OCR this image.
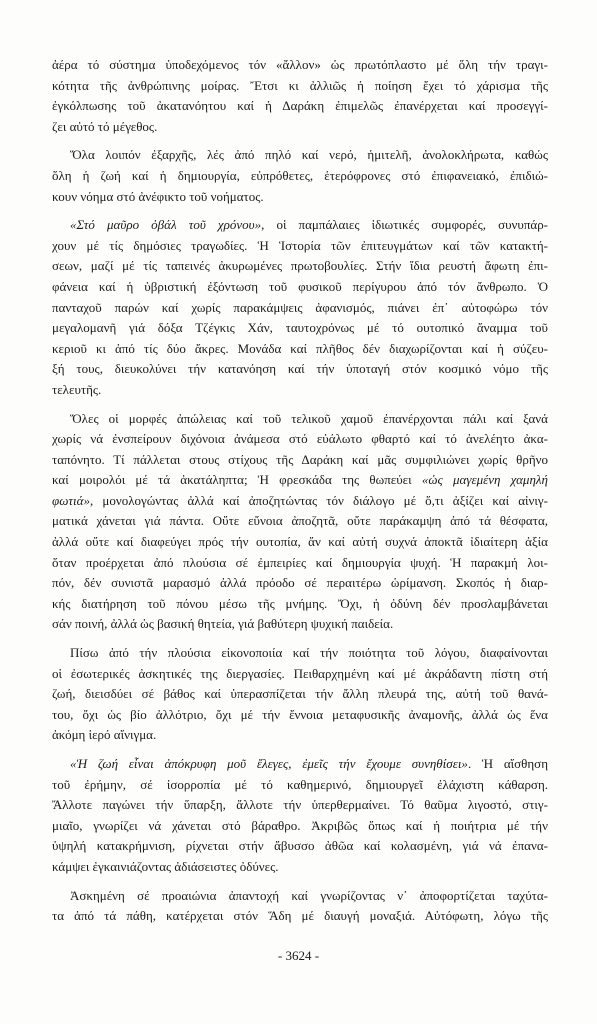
ἀέρα τό σύστημα ὑποδεχόμενος τόν «ἄλλον» ὡς πρωτόπλαστο μέ ὅλη τήν τραγι-
κότητα τῆς ἀνθρώπινης μοίρας. Ἔτσι κι ἀλλιῶς ἡ ποίηση ἔχει τό χάρισμα τῆς
ἐγκόλπωσης τοῦ ἀκατανόητου καί ἡ Δαράκη ἐπιμελῶς ἐπανέρχεται καί προσεγγί-
ζει αὐτό τό μέγεθος.
Ὅλα λοιπόν ἐξαρχῆς, λές ἀπό πηλό καί νερό, ἡμιτελῆ, ἀνολοκλήρωτα, καθώς
ὅλη ἡ ζωή καί ἡ δημιουργία, εὐπρόθετες, ἑτερόφρονες στό ἐπιφανειακό, ἐπιδιώ-
κουν νόημα στό ἀνέφικτο τοῦ νοήματος.
«Στό μαῦρο ὀβάλ τοῦ χρόνου», οἱ παμπάλαιες ἰδιωτικές συμφορές, συνυπάρ-
χουν μέ τίς δημόσιες τραγωδίες. Ἡ Ἱστορία τῶν ἐπιτευγμάτων καί τῶν κατακτή-
σεων, μαζί μέ τίς ταπεινές ἀκυρωμένες πρωτοβουλίες. Στήν ἴδια ρευστή ἄφωτη ἐπι-
φάνεια καί ἡ ὑβριστική ἐξόντωση τοῦ φυσικοῦ περίγυρου ἀπό τόν ἄνθρωπο. Ὁ
πανταχοῦ παρών καί χωρίς παρακάμψεις ἀφανισμός, πιάνει ἐπ᾽ αὐτοφώρω τόν
μεγαλομανῆ γιά δόξα Τζέγκις Χάν, ταυτοχρόνως μέ τό ουτοπικό ἄναμμα τοῦ
κεριοῦ κι ἀπό τίς δύο ἄκρες. Μονάδα καί πλῆθος δέν διαχωρίζονται καί ἡ σύζευ-
ξή τους, διευκολύνει τήν κατανόηση καί τήν ὑποταγή στόν κοσμικό νόμο τῆς
τελευτῆς.
Ὅλες οἱ μορφές ἀπώλειας καί τοῦ τελικοῦ χαμοῦ ἐπανέρχονται πάλι καί ξανά
χωρίς νά ἐνσπείρουν διχόνοια ἀνάμεσα στό εὐάλωτο φθαρτό καί τό ἀνελέητο ἀκα-
ταπόνητο. Τί πάλλεται στους στίχους τῆς Δαράκη καί μᾶς συμφιλιώνει χωρίς θρῆνο
καί μοιρολόι μέ τά ἀκατάληπτα; Ἡ φρεσκάδα της θωπεύει «ὡς μαγεμένη χαμηλή
φωτιά», μονολογώντας ἀλλά καί ἀποζητώντας τόν διάλογο μέ ὅ,τι ἀξίζει καί αἰνιγ-
ματικά χάνεται γιά πάντα. Οὔτε εὔνοια ἀποζητᾶ, οὔτε παράκαμψη ἀπό τά θέσφατα,
ἀλλά οὔτε καί διαφεύγει πρός τήν ουτοπία, ἄν καί αὐτή συχνά ἀποκτᾶ ἰδιαίτερη ἀξία
ὅταν προέρχεται ἀπό πλούσια σέ ἐμπειρίες καί δημιουργία ψυχή. Ἡ παρακμή λοι-
πόν, δέν συνιστᾶ μαρασμό ἀλλά πρόοδο σέ περαιτέρω ὡρίμανση. Σκοπός ἡ διαρ-
κής διατήρηση τοῦ πόνου μέσω τῆς μνήμης. Ὄχι, ἡ ὀδύνη δέν προσλαμβάνεται
σάν ποινή, ἀλλά ὡς βασική θητεία, γιά βαθύτερη ψυχική παιδεία.
Πίσω ἀπό τήν πλούσια εἰκονοποιία καί τήν ποιότητα τοῦ λόγου, διαφαίνονται
οἱ ἐσωτερικές ἀσκητικές της διεργασίες. Πειθαρχημένη καί μέ ἀκράδαντη πίστη στή
ζωή, διεισδύει σέ βάθος καί ὑπερασπίζεται τήν ἄλλη πλευρά της, αὐτή τοῦ θανά-
του, ὄχι ὡς βίο ἀλλότριο, ὄχι μέ τήν ἔννοια μεταφυσικῆς ἀναμονῆς, ἀλλά ὡς ἕνα
ἀκόμη ἱερό αἴνιγμα.
«Ἡ ζωή εἶναι ἀπόκρυφη μοῦ ἔλεγες, ἐμεῖς τήν ἔχουμε συνηθίσει». Ἡ αἴσθηση
τοῦ ἐρήμην, σέ ἰσορροπία μέ τό καθημερινό, δημιουργεῖ ἐλάχιστη κάθαρση.
Ἄλλοτε παγώνει τήν ὕπαρξη, ἄλλοτε τήν ὑπερθερμαίνει. Τό θαῦμα λιγοστό, στιγ-
μιαῖο, γνωρίζει νά χάνεται στό βάραθρο. Ἀκριβῶς ὅπως καί ἡ ποιήτρια μέ τήν
ὑψηλή κατακρήμνιση, ρίχνεται στήν ἄβυσσο ἀθῶα καί κολασμένη, γιά νά ἐπανα-
κάμψει ἐγκαινιάζοντας ἀδιάσειστες ὀδύνες.
Ἀσκημένη σέ προαιώνια ἀπαντοχή καί γνωρίζοντας ν᾽ ἀποφορτίζεται ταχύτα-
τα ἀπό τά πάθη, κατέρχεται στόν Ἅδη μέ διαυγή μοναξιά. Αὐτόφωτη, λόγω τῆς
- 3624 -
